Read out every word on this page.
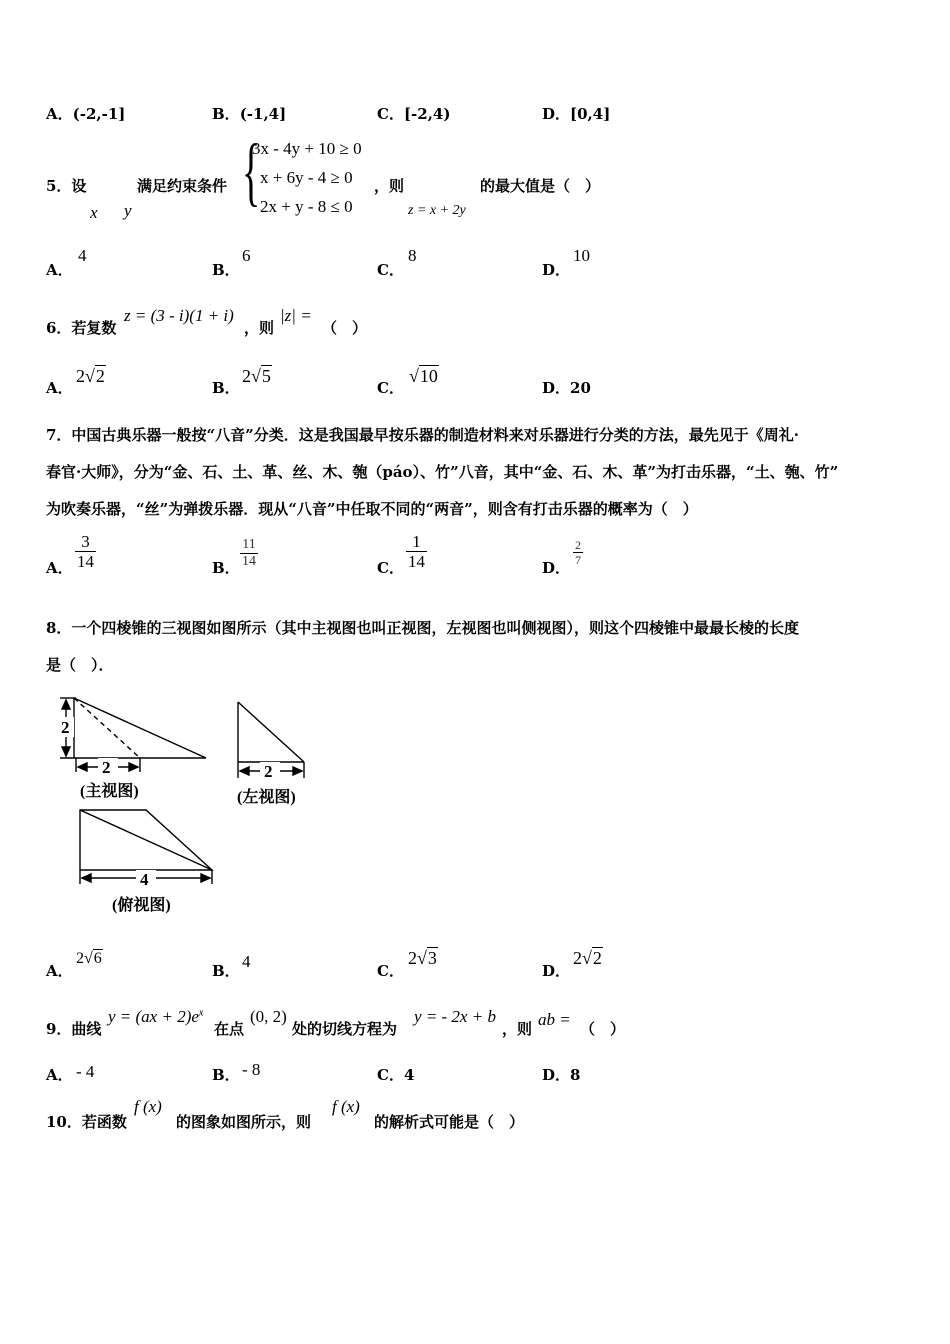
A．(-2,-1]	B．(-1,4]	C．[-2,4)	D．[0,4]
5．设
x y
满足约束条件 {
3x - 4y + 10 ≥ 0
x + 6y - 4 ≥ 0
2x + y - 8 ≤ 0
，则
z = x + 2y
的最大值是（　）
A．
4
B．
6
C．
8
D．
10
6．若复数
z = (3 - i)(1 + i)
，则
|z| =
（　）
A．
2√2
B．
2√5
C．
√10
D．20
7．中国古典乐器一般按“八音”分类．这是我国最早按乐器的制造材料来对乐器进行分类的方法，最先见于《周礼·
春官·大师》，分为“金、石、土、革、丝、木、匏（páo）、竹”八音，其中“金、石、木、革”为打击乐器，“土、匏、竹”
为吹奏乐器，“丝”为弹拨乐器．现从“八音”中任取不同的“两音”，则含有打击乐器的概率为（　）
A． $\frac{3}{14}$	B． $\frac{11}{14}$	C． $\frac{1}{14}$	D．
$\frac{2}{7}$
8．一个四棱锥的三视图如图所示（其中主视图也叫正视图，左视图也叫侧视图），则这个四棱锥中最最长棱的长度
是（　）．
2
2
(主视图)
2
(左视图)
4
(俯视图)
A．
2√6
B． 4	C．
2√3
D．
2√2
9．曲线
$y = (ax + 2)e^x$
在点
(0, 2)
处的切线方程为
y = - 2x + b
，则 ab = （　）
A． - 4	B． - 8	C．4	D．8
10．若函数
f (x)
的图象如图所示，则
f (x)
的解析式可能是（　）
